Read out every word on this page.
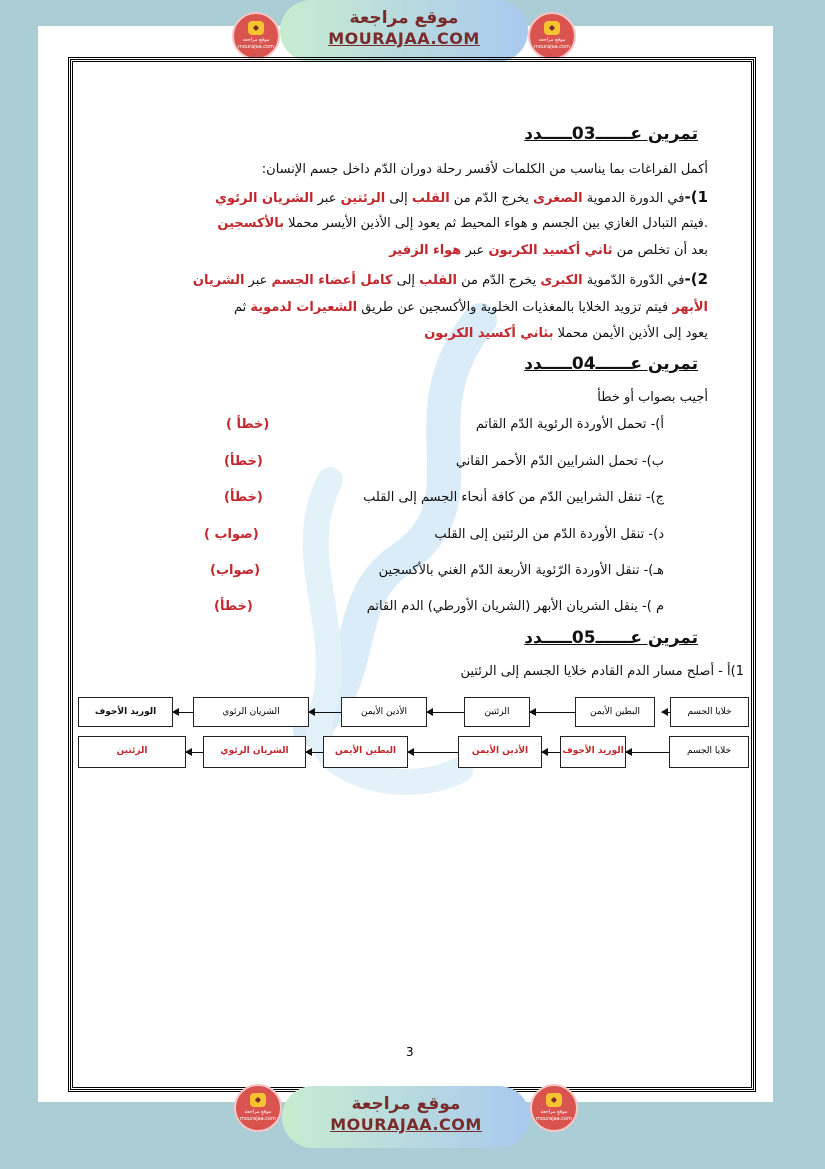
◆
موقع مراجعة mourajaa.com
موقع مراجعة
MOURAJAA.COM
◆
موقع مراجعة mourajaa.com
تمرين عــــــ03ـــــدد
أكمل الفراغات بما يناسب من الكلمات لأقسر رحلة دوران الدّم داخل جسم الإنسان:
1)-في الدورة الدموية الصغرى يخرج الدّم من القلب إلى الرئتين عبر الشريان الرئوي
.فيتم التبادل الغازي بين الجسم و هواء المحيط ثم يعود إلى الأذين الأيسر محملا بالأكسجين
بعد أن تخلص من ثاني أكسيد الكربون عبر هواء الزفير
2)-في الدّورة الدّموية الكبرى يخرج الدّم من القلب إلى كامل أعضاء الجسم عبر الشريان
الأبهر فيتم تزويد الخلايا بالمغذيات الخلوية والأكسجين عن طريق الشعيرات لدموية ثم
يعود إلى الأذين الأيمن محملا بثاني أكسيد الكربون
تمرين عــــــ04ـــــدد
أجيب بصواب أو خطأ
أ)- تحمل الأوردة الرئوية الدّم القاتم
(خطأ )
ب)- تحمل الشرايين الدّم الأحمر القاني
(خطأ)
ج)- تنقل الشرايين الدّم من كافة أنحاء الجسم إلى القلب
(خطأ)
د)- تنقل الأوردة الدّم من الرئتين إلى القلب
(صواب )
هـ)- تنقل الأوردة الرّئوية الأربعة الدّم الغني بالأكسجين
(صواب)
م )- ينقل الشريان الأبهر (الشريان الأورطي) الدم القاتم
(خطأ)
تمرين عــــــ05ـــــدد
1)أ - أصلح مسار الدم القادم خلايا الجسم إلى الرئتين
خلايا الجسم
البطين الأيمن
الرئتين
الأذين الأيمن
الشريان الرئوي
الوريد الأجوف
خلايا الجسم
الوريد الأجوف
الأذين الأيمن
البطين الأيمن
الشريان الرئوي
الرئتين
3
◆
موقع مراجعة mourajaa.com
موقع مراجعة
MOURAJAA.COM
◆
موقع مراجعة mourajaa.com
